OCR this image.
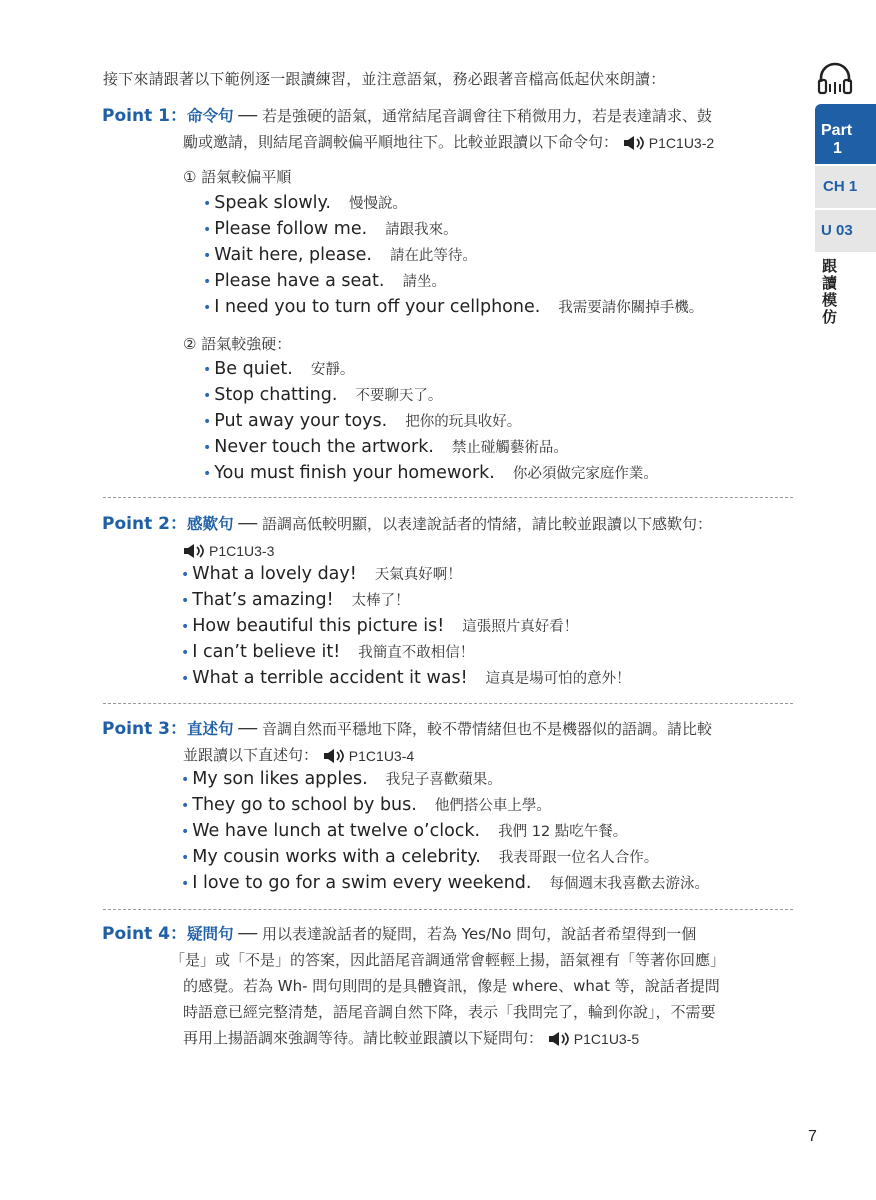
接下來請跟著以下範例逐一跟讀練習，並注意語氣，務必跟著音檔高低起伏來朗讀：
Point 1：命令句 ── 若是強硬的語氣，通常結尾音調會往下稍微用力，若是表達請求、鼓
勵或邀請，則結尾音調較偏平順地往下。比較並跟讀以下命令句： P1C1U3-2
① 語氣較偏平順
• Speak slowly. 慢慢說。
• Please follow me. 請跟我來。
• Wait here, please. 請在此等待。
• Please have a seat. 請坐。
• I need you to turn off your cellphone. 我需要請你關掉手機。
② 語氣較強硬：
• Be quiet. 安靜。
• Stop chatting. 不要聊天了。
• Put away your toys. 把你的玩具收好。
• Never touch the artwork. 禁止碰觸藝術品。
• You must finish your homework. 你必須做完家庭作業。
Point 2：感歎句 ── 語調高低較明顯，以表達說話者的情緒，請比較並跟讀以下感歎句：
P1C1U3-3
• What a lovely day! 天氣真好啊！
• That’s amazing! 太棒了！
• How beautiful this picture is! 這張照片真好看！
• I can’t believe it! 我簡直不敢相信！
• What a terrible accident it was! 這真是場可怕的意外！
Point 3：直述句 ── 音調自然而平穩地下降，較不帶情緒但也不是機器似的語調。請比較
並跟讀以下直述句： P1C1U3-4
• My son likes apples. 我兒子喜歡蘋果。
• They go to school by bus. 他們搭公車上學。
• We have lunch at twelve o’clock. 我們 12 點吃午餐。
• My cousin works with a celebrity. 我表哥跟一位名人合作。
• I love to go for a swim every weekend. 每個週末我喜歡去游泳。
Point 4：疑問句 ── 用以表達說話者的疑問，若為 Yes/No 問句，說話者希望得到一個
「是」或「不是」的答案，因此語尾音調通常會輕輕上揚，語氣裡有「等著你回應」
的感覺。若為 Wh- 問句則問的是具體資訊，像是 where、what 等，說話者提問
時語意已經完整清楚，語尾音調自然下降，表示「我問完了，輪到你說」，不需要
再用上揚語調來強調等待。請比較並跟讀以下疑問句： P1C1U3-5
Part
1
CH 1
U 03
跟讀模仿
7
